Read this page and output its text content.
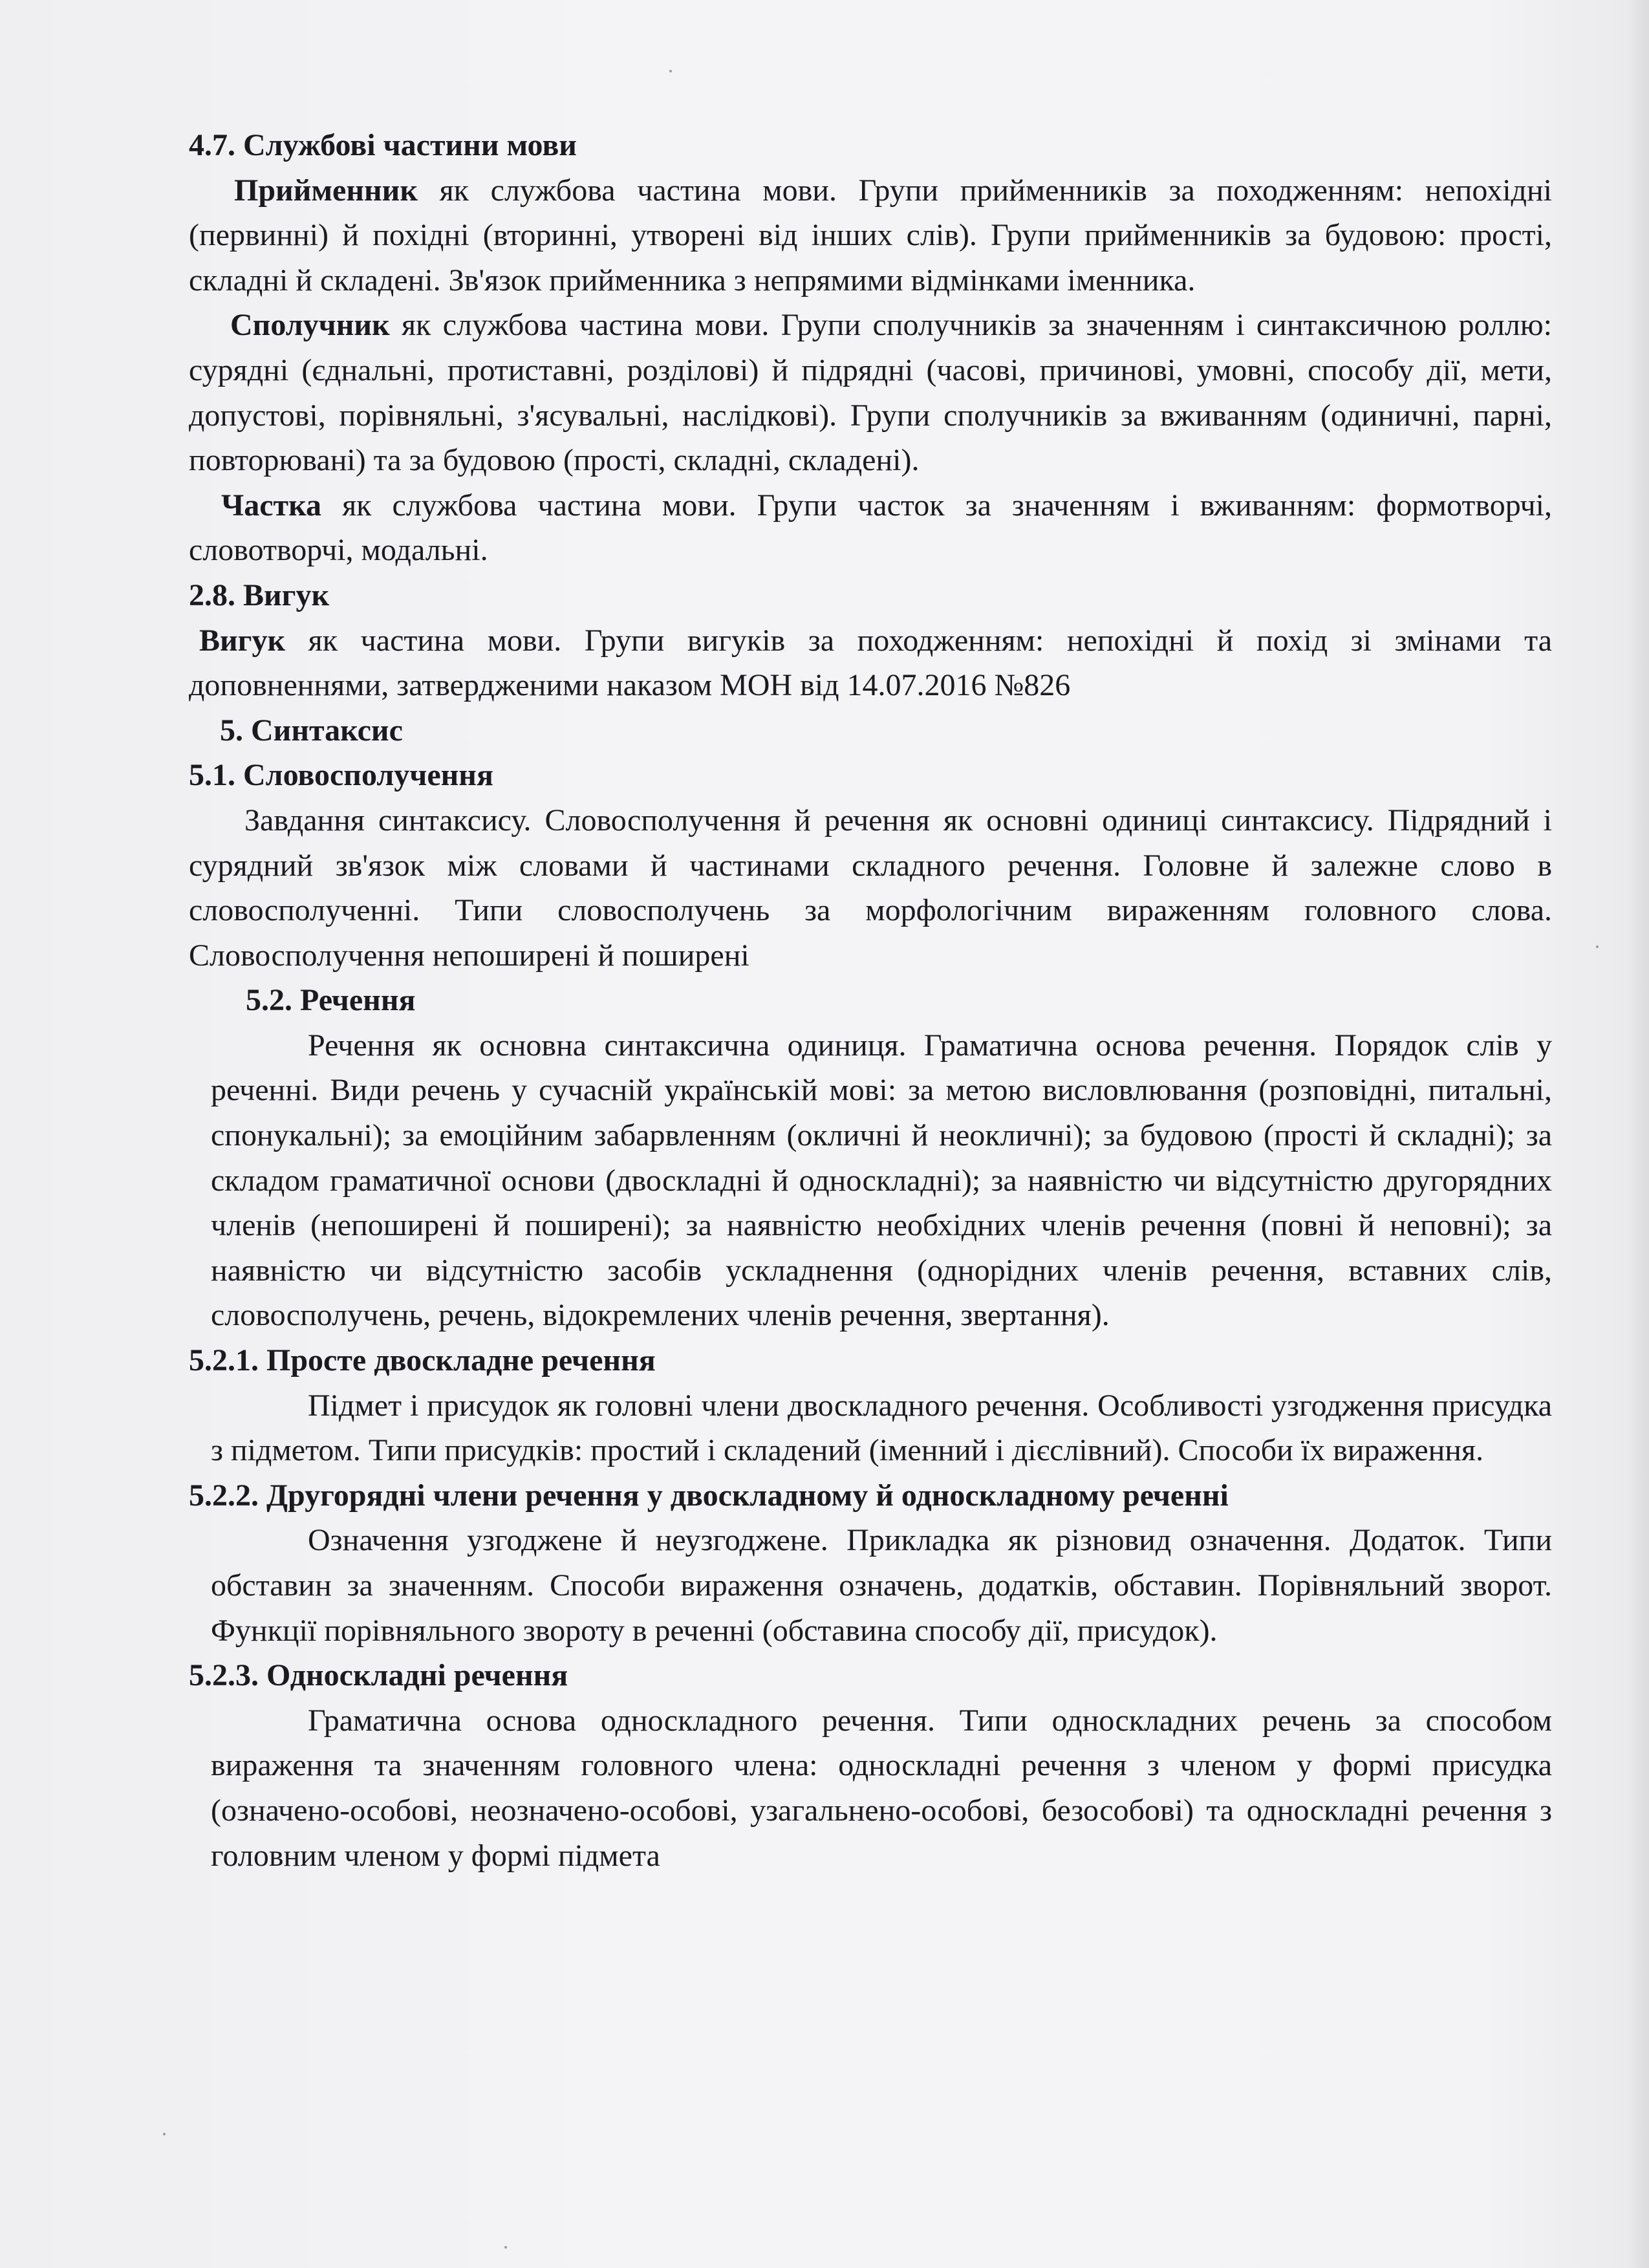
4.7. Службові частини мови

Прийменник як службова частина мови. Групи прийменників за походженням: непохідні (первинні) й похідні (вторинні, утворені від інших слів). Групи прийменників за будовою: прості, складні й складені. Зв'язок прийменника з непрямими відмінками іменника.

Сполучник як службова частина мови. Групи сполучників за значенням і синтаксичною роллю: сурядні (єднальні, протиставні, розділові) й підрядні (часові, причинові, умовні, способу дії, мети, допустові, порівняльні, з'ясувальні, наслідкові). Групи сполучників за вживанням (одиничні, парні, повторювані) та за будовою (прості, складні, складені).

Частка як службова частина мови. Групи часток за значенням і вживанням: формотворчі, словотворчі, модальні.

2.8. Вигук

Вигук як частина мови. Групи вигуків за походженням: непохідні й похід зі змінами та доповненнями, затвердженими наказом МОН від 14.07.2016 №826

5. Синтаксис
5.1. Словосполучення

Завдання синтаксису. Словосполучення й речення як основні одиниці синтаксису. Підрядний і сурядний зв'язок між словами й частинами складного речення. Головне й залежне слово в словосполученні. Типи словосполучень за морфологічним вираженням головного слова. Словосполучення непоширені й поширені

5.2. Речення

Речення як основна синтаксична одиниця. Граматична основа речення. Порядок слів у реченні. Види речень у сучасній українській мові: за метою висловлювання (розповідні, питальні, спонукальні); за емоційним забарвленням (окличні й неокличні); за будовою (прості й складні); за складом граматичної основи (двоскладні й односкладні); за наявністю чи відсутністю другорядних членів (непоширені й поширені); за наявністю необхідних членів речення (повні й неповні); за наявністю чи відсутністю засобів ускладнення (однорідних членів речення, вставних слів, словосполучень, речень, відокремлених членів речення, звертання).

5.2.1. Просте двоскладне речення

Підмет і присудок як головні члени двоскладного речення. Особливості узгодження присудка з підметом. Типи присудків: простий і складений (іменний і дієслівний). Способи їх вираження.

5.2.2. Другорядні члени речення у двоскладному й односкладному реченні

Означення узгоджене й неузгоджене. Прикладка як різновид означення. Додаток. Типи обставин за значенням. Способи вираження означень, додатків, обставин. Порівняльний зворот. Функції порівняльного звороту в реченні (обставина способу дії, присудок).

5.2.3. Односкладні речення

Граматична основа односкладного речення. Типи односкладних речень за способом вираження та значенням головного члена: односкладні речення з членом у формі присудка (означено-особові, неозначено-особові, узагальнено-особові, безособові) та односкладні речення з головним членом у формі підмета
